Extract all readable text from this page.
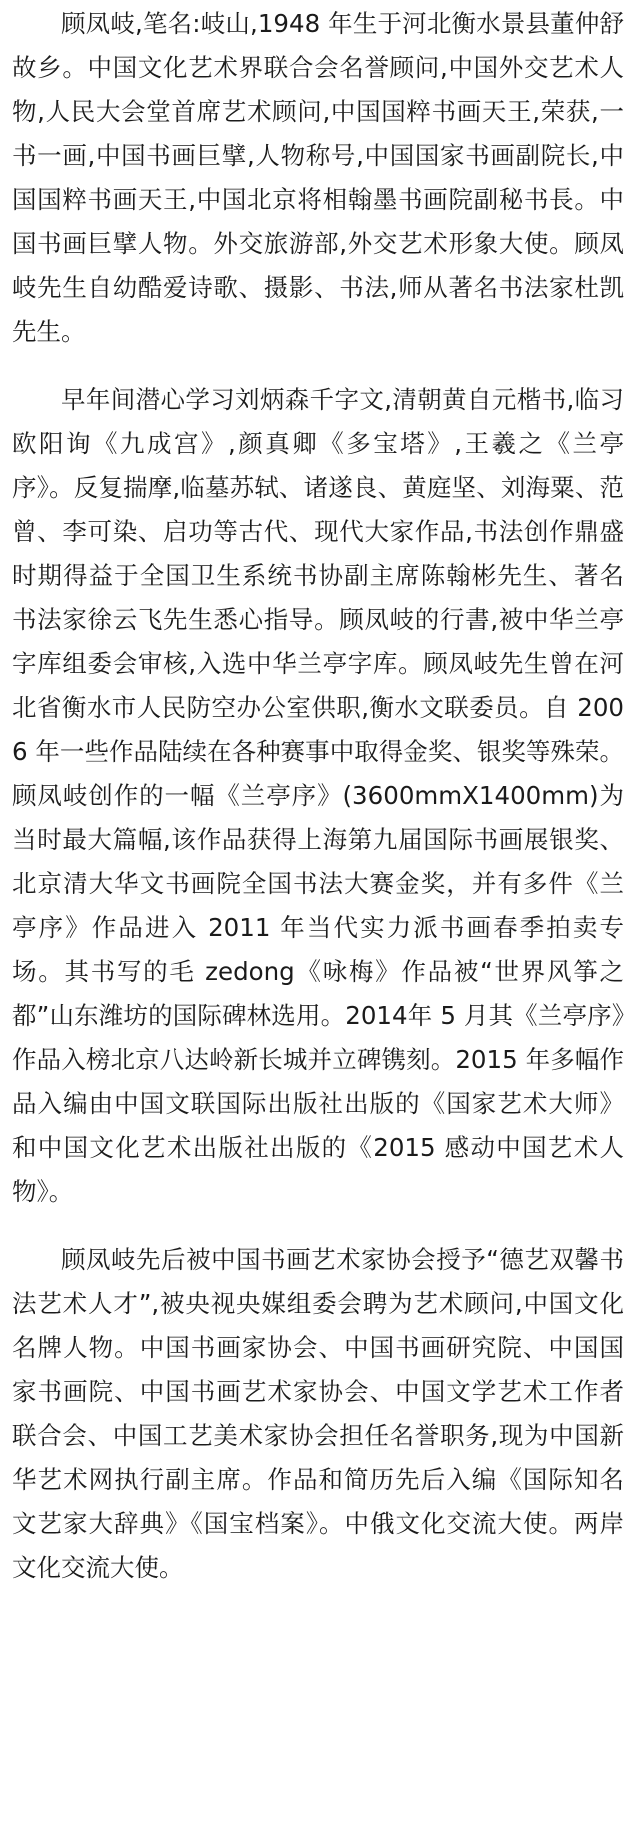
顾凤岐,笔名:岐山,1948 年生于河北衡水景县董仲舒故乡。中国文化艺术界联合会名誉顾问,中国外交艺术人物,人民大会堂首席艺术顾问,中国国粹书画天王,荣获,一书一画,中国书画巨擘,人物称号,中国国家书画副院长,中国国粹书画天王,中国北京将相翰墨书画院副秘书長。中国书画巨擘人物。外交旅游部,外交艺术形象大使。顾凤岐先生自幼酷爱诗歌、摄影、书法,师从著名书法家杜凯先生。

早年间潜心学习刘炳森千字文,清朝黄自元楷书,临习欧阳询《九成宫》,颜真卿《多宝塔》,王羲之《兰亭序》。反复揣摩,临墓苏轼、诸遂良、黄庭坚、刘海粟、范曾、李可染、启功等古代、现代大家作品,书法创作鼎盛时期得益于全国卫生系统书协副主席陈翰彬先生、著名书法家徐云飞先生悉心指导。顾凤岐的行書,被中华兰亭字库组委会审核,入选中华兰亭字库。顾凤岐先生曾在河北省衡水市人民防空办公室供职,衡水文联委员。自 2006 年一些作品陆续在各种赛事中取得金奖、银奖等殊荣。顾凤岐创作的一幅《兰亭序》(3600mmX1400mm)为当时最大篇幅,该作品获得上海第九届国际书画展银奖、北京清大华文书画院全国书法大赛金奖，并有多件《兰亭序》作品进入 2011 年当代实力派书画春季拍卖专场。其书写的毛 zedong《咏梅》作品被“世界风筝之都”山东潍坊的国际碑林选用。2014年 5 月其《兰亭序》作品入榜北京八达岭新长城并立碑镌刻。2015 年多幅作品入编由中国文联国际出版社出版的《国家艺术大师》和中国文化艺术出版社出版的《2015 感动中国艺术人物》。

顾凤岐先后被中国书画艺术家协会授予“德艺双馨书法艺术人才”,被央视央媒组委会聘为艺术顾问,中国文化名牌人物。中国书画家协会、中国书画研究院、中国国家书画院、中国书画艺术家协会、中国文学艺术工作者联合会、中国工艺美术家协会担任名誉职务,现为中国新华艺术网执行副主席。作品和简历先后入编《国际知名文艺家大辞典》《国宝档案》。中俄文化交流大使。两岸文化交流大使。
